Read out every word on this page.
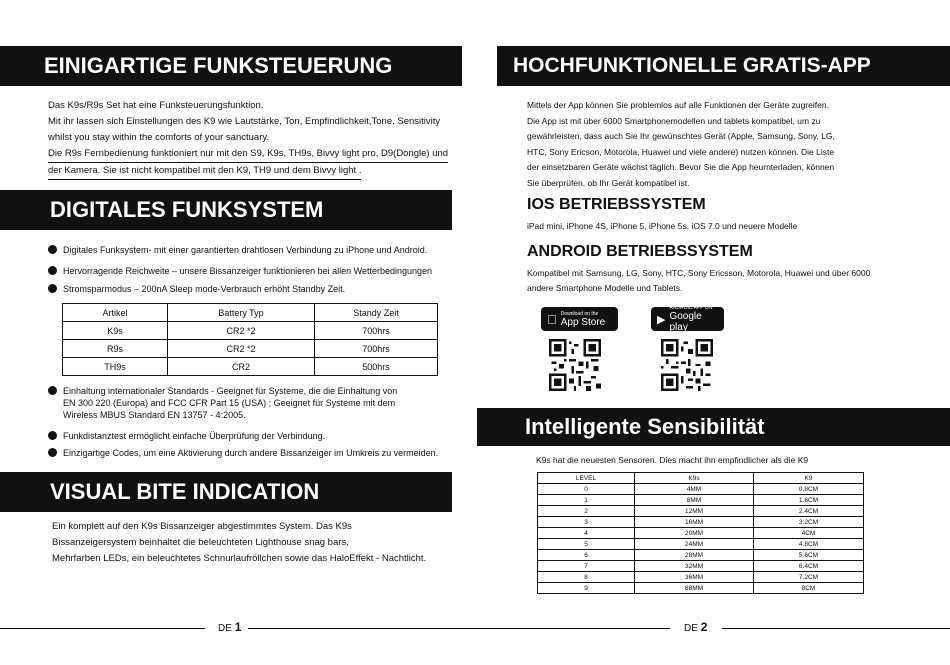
EINIGARTIGE FUNKSTEUERUNG
Das K9s/R9s Set hat eine Funksteuerungsfunktion.
Mit ihr lassen sich Einstellungen des K9 wie Lautstärke, Ton, Empfindlichkeit,Tone, Sensitivity
whilst you stay within the comforts of your sanctuary.
Die R9s Fernbedienung funktioniert nur mit den S9, K9s, TH9s, Bivvy light pro, D9(Dongle) und
der Kamera. Sie ist nicht kompatibel mit den K9, TH9 und dem Bivvy light .
DIGITALES FUNKSYSTEM
Digitales Funksystem- mit einer garantierten drahtlosen Verbindung zu iPhone und Android.
Hervorragende Reichweite – unsere Bissanzeiger funktionieren bei allen Wetterbedingungen
Stromsparmodus – 200nA Sleep mode-Verbrauch erhöht Standby Zeit.
Artikel	Battery Typ	Standy Zeit
K9s	CR2 *2	700hrs
R9s	CR2 *2	700hrs
TH9s	CR2	500hrs
Einhaltung internationaler Standards - Geeignet für Systeme, die die Einhaltung von
EN 300 220 (Europa) and FCC CFR Part 15 (USA) ; Geeignet für Systeme mit dem
Wireless MBUS Standard EN 13757 - 4:2005.
Funkdistanztest ermöglicht einfache Überprüfung der Verbindung.
Einzigartige Codes, um eine Aktivierung durch andere Bissanzeiger im Umkreis zu vermeiden.
VISUAL BITE INDICATION
Ein komplett auf den K9s Bissanzeiger abgestimmtes System. Das K9s
Bissanzeigersystem beinhaltet die beleuchteten Lighthouse snag bars,
Mehrfarben LEDs, ein beleuchtetes Schnurlaufröllchen sowie das HaloEffekt - Nachtlicht.
DE 1
HOCHFUNKTIONELLE GRATIS-APP
Mittels der App können Sie problemlos auf alle Funktionen der Geräte zugreifen.
Die App ist mit über 6000 Smartphonemodellen und tablets kompatibel, um zu
gewährleisten, dass auch Sie Ihr gewünschtes Gerät (Apple, Samsung, Sony, LG,
HTC, Sony Ericson, Motorola, Huawei und viele andere) nutzen können. Die Liste
der einsetzbaren Geräte wächst täglich. Bevor Sie die App heurnterladen, können
Sie überprüfen, ob Ihr Gerät kompatibel ist.
IOS BETRIEBSSYSTEM
iPad mini, iPhone 4S, iPhone 5, iPhone 5s, iOS 7.0 und neuere Modelle
ANDROID BETRIEBSSYSTEM
Kompatibel mit Samsung, LG, Sony, HTC, Sony Ericsson, Motorola, Huawei und über 6000
andere Smartphone Modelle und Tablets.
Download on the
App Store	▶
ANDROID APP ON
Google play
Intelligente Sensibilität
K9s hat die neuesten Sensoren. Dies macht ihn empfindlicher als die K9
LEVEL	K9s	K9
0	4MM	0.8CM
1	8MM	1.6CM
2	12MM	2.4CM
3	16MM	3.2CM
4	20MM	4CM
5	24MM	4.8CM
6	28MM	5.6CM
7	32MM	6.4CM
8	36MM	7.2CM
9	88MM	8CM
DE 2
